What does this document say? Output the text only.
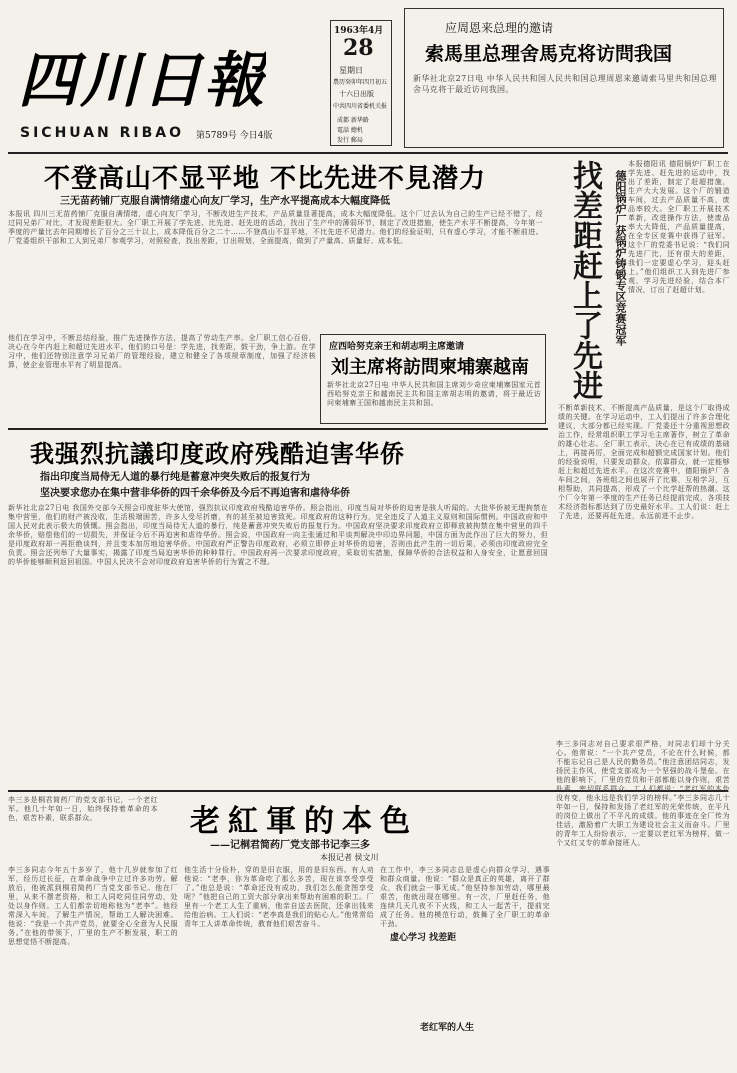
四川日報
SICHUAN RIBAO 第5789号 今日4版
1963年4月
28
星期日
農历癸卯年四月初五
十六日出版
中共四川省委机关报
成都 新华路
電話 總机
发行 郵局
应周恩来总理的邀请
索馬里总理舍馬克将访問我国
新华社北京27日电 中华人民共和国人民共和国总理周恩来邀请索马里共和国总理舍马克将于最近访问我国。
不登高山不显平地 不比先进不見潜力
三无苗药铺厂克服自满情绪虚心向友厂学习，生产水平提高成本大幅度降低
本报讯 四川三无苗药铺厂克服自满情绪，虚心向友厂学习，不断改进生产技术，产品质量显著提高，成本大幅度降低。这个厂过去认为自己的生产已经不错了，经过同兄弟厂对比，才发现差距很大。全厂职工开展了学先进、比先进、赶先进的活动，找出了生产中的薄弱环节，制定了改进措施，使生产水平不断提高，今年第一季度的产量比去年同期增长了百分之三十以上，成本降低百分之二十……不登高山不显平地，不比先进不见潜力。他们的经验证明，只有虚心学习，才能不断前进。厂党委组织干部和工人到兄弟厂参观学习，对照检查，找出差距，订出规划，全面提高，做到了产量高、质量好、成本低。
应西哈努克亲王和胡志明主席邀请
刘主席将訪問柬埔寨越南
新华社北京27日电 中华人民共和国主席刘少奇应柬埔寨国家元首西哈努克亲王和越南民主共和国主席胡志明的邀请，将于最近访问柬埔寨王国和越南民主共和国。
他们在学习中，不断总结经验，推广先进操作方法，提高了劳动生产率。全厂职工信心百倍，决心在今年内赶上和超过先进水平。他们的口号是：学先进，找差距，鼓干劲，争上游。在学习中，他们还特别注意学习兄弟厂的管理经验，建立和健全了各项规章制度，加强了经济核算，使企业管理水平有了明显提高。	找差距赶上了先进	德阳锅炉厂获锅炉铸锻专区竞赛冠军
本报德阳讯 德阳锅炉厂职工在学先进、赶先进的运动中，找出了差距，制定了赶超措施，生产大大发展。这个厂的锻造车间，过去产品质量不高，废品率较大。全厂职工开展技术革新，改进操作方法，使废品率大大降低，产品质量提高，在全专区竞赛中获得了冠军。这个厂的党委书记说：“我们同先进厂比，还有很大的差距，我们一定要虚心学习，迎头赶上。”他们组织工人到先进厂参观，学习先进经验，结合本厂情况，订出了赶超计划。
不断革新技术，不断提高产品质量，是这个厂取得成绩的关键。在学习运动中，工人们提出了许多合理化建议，大部分都已经实现。厂党委还十分重视思想政治工作，经常组织职工学习毛主席著作，树立了革命的雄心壮志。全厂职工表示，决心在已有成绩的基础上，再接再厉，全面完成和超额完成国家计划。他们的经验说明，只要发动群众，依靠群众，就一定能够赶上和超过先进水平。在这次竞赛中，德阳锅炉厂各车间之间，各班组之间也展开了比赛，互相学习，互相帮助，共同提高，形成了一个比学赶帮的热潮。这个厂今年第一季度的生产任务已经提前完成，各项技术经济指标都达到了历史最好水平。工人们说：赶上了先进，还要再赶先进，永远前进不止步。
我强烈抗議印度政府残酷迫害华侨
指出印度当局侍无人道的暴行纯是蓄意冲突失败后的报复行为
坚决要求您办在集中营非华侨的四千余华侨及今后不再迫害和虐待华侨
新华社北京27日电 我国外交部今天照会印度驻华大使馆，强烈抗议印度政府残酷迫害华侨。照会指出，印度当局对华侨的迫害是骇人听闻的。大批华侨被无理拘禁在集中营里，他们的财产被没收，生活极端困苦，许多人受尽折磨，有的甚至被迫害致死。印度政府的这种行为，完全违反了人道主义原则和国际惯例。中国政府和中国人民对此表示极大的愤慨。照会指出，印度当局侍无人道的暴行，纯是蓄意冲突失败后的报复行为。中国政府坚决要求印度政府立即释放被拘禁在集中营里的四千余华侨，赔偿他们的一切损失，并保证今后不再迫害和虐待华侨。照会说，中国政府一向主张通过和平谈判解决中印边界问题，中国方面为此作出了巨大的努力，但是印度政府却一再拒绝谈判，并且变本加厉地迫害华侨。中国政府严正警告印度政府，必须立即停止对华侨的迫害，否则由此产生的一切后果，必须由印度政府完全负责。照会还列举了大量事实，揭露了印度当局迫害华侨的种种罪行。中国政府再一次要求印度政府，采取切实措施，保障华侨的合法权益和人身安全，让愿意回国的华侨能够顺利返回祖国。中国人民决不会对印度政府迫害华侨的行为置之不理。
李三多是桐君简药厂的党支部书记，一个老红军。他几十年如一日，始终保持着革命的本色，艰苦朴素，联系群众。	老紅軍的本色
——记桐君简药厂党支部书记李三多
本报记者 侯文川
李三多同志今年五十多岁了，他十几岁就参加了红军，经历过长征，在革命战争中立过许多功劳。解放后，他被派到桐君简药厂当党支部书记。他在厂里，从来不摆老资格，和工人同吃同住同劳动，处处以身作则。工人们都亲切地称他为“老李”。他经常深入车间，了解生产情况，帮助工人解决困难。他说：“我是一个共产党员，就要全心全意为人民服务。”在他的带领下，厂里的生产不断发展，职工的思想觉悟不断提高。
他生活十分俭朴，穿的是旧衣服，用的是旧东西。有人劝他说：“老李，你为革命吃了那么多苦，现在该享受享受了。”他总是说：“革命还没有成功，我们怎么能贪图享受呢？”他把自己的工资大部分拿出来帮助有困难的职工。厂里有一个老工人生了重病，他亲自送去医院，还拿出钱来给他治病。工人们说：“老李真是我们的贴心人。”他常常给青年工人讲革命传统，教育他们艰苦奋斗。
虚心学习 找差距
在工作中，李三多同志总是虚心向群众学习，遇事和群众商量。他说：“群众是真正的英雄，离开了群众，我们就会一事无成。”他坚持参加劳动，哪里最艰苦，他就出现在哪里。有一次，厂里赶任务，他连续几天几夜不下火线，和工人一起苦干，提前完成了任务。他的模范行动，鼓舞了全厂职工的革命干劲。
老红军的人生
李三多同志对自己要求很严格，对同志们却十分关心。他常说：“一个共产党员，不论在什么时候，都不能忘记自己是人民的勤务员。”他注意团结同志，发扬民主作风，使党支部成为一个坚强的战斗堡垒。在他的影响下，厂里的党员和干部都能以身作则，艰苦朴素，密切联系群众。工人们都说：“老红军的本色没有变，他永远是我们学习的榜样。”李三多同志几十年如一日，保持和发扬了老红军的光荣传统，在平凡的岗位上做出了不平凡的成绩。他的事迹在全厂传为佳话，激励着广大职工为建设社会主义而奋斗。厂里的青年工人纷纷表示，一定要以老红军为榜样，做一个又红又专的革命接班人。
